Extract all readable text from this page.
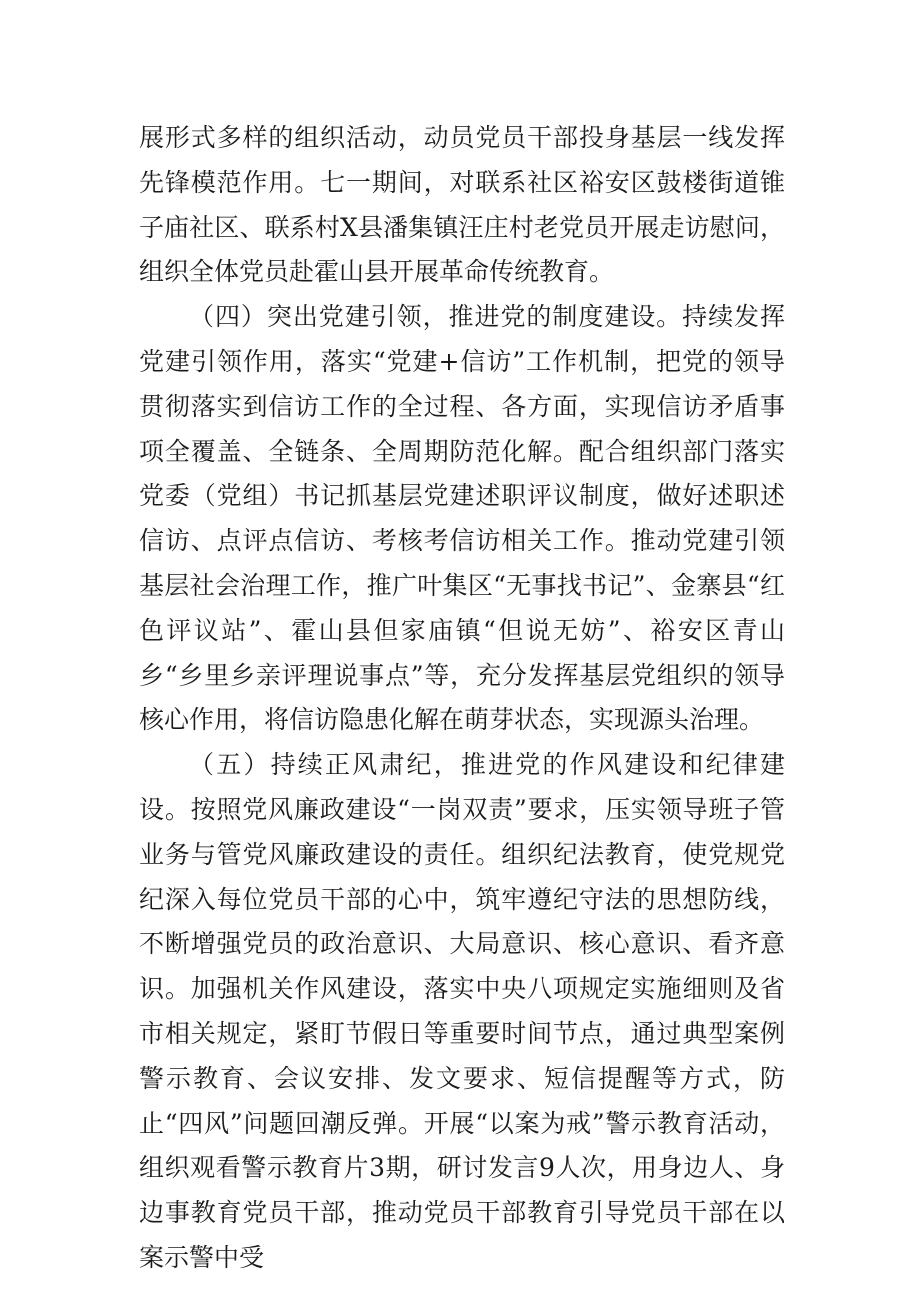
展形式多样的组织活动，动员党员干部投身基层一线发挥先锋模范作用。七一期间，对联系社区裕安区鼓楼街道锥子庙社区、联系村X县潘集镇汪庄村老党员开展走访慰问，组织全体党员赴霍山县开展革命传统教育。

（四）突出党建引领，推进党的制度建设。持续发挥党建引领作用，落实“党建+信访”工作机制，把党的领导贯彻落实到信访工作的全过程、各方面，实现信访矛盾事项全覆盖、全链条、全周期防范化解。配合组织部门落实党委（党组）书记抓基层党建述职评议制度，做好述职述信访、点评点信访、考核考信访相关工作。推动党建引领基层社会治理工作，推广叶集区“无事找书记”、金寨县“红色评议站”、霍山县但家庙镇“但说无妨”、裕安区青山乡“乡里乡亲评理说事点”等，充分发挥基层党组织的领导核心作用，将信访隐患化解在萌芽状态，实现源头治理。

（五）持续正风肃纪，推进党的作风建设和纪律建设。按照党风廉政建设“一岗双责”要求，压实领导班子管业务与管党风廉政建设的责任。组织纪法教育，使党规党纪深入每位党员干部的心中，筑牢遵纪守法的思想防线，不断增强党员的政治意识、大局意识、核心意识、看齐意识。加强机关作风建设，落实中央八项规定实施细则及省市相关规定，紧盯节假日等重要时间节点，通过典型案例警示教育、会议安排、发文要求、短信提醒等方式，防止“四风”问题回潮反弹。开展“以案为戒”警示教育活动，组织观看警示教育片3期，研讨发言9人次，用身边人、身边事教育党员干部，推动党员干部教育引导党员干部在以案示警中受
